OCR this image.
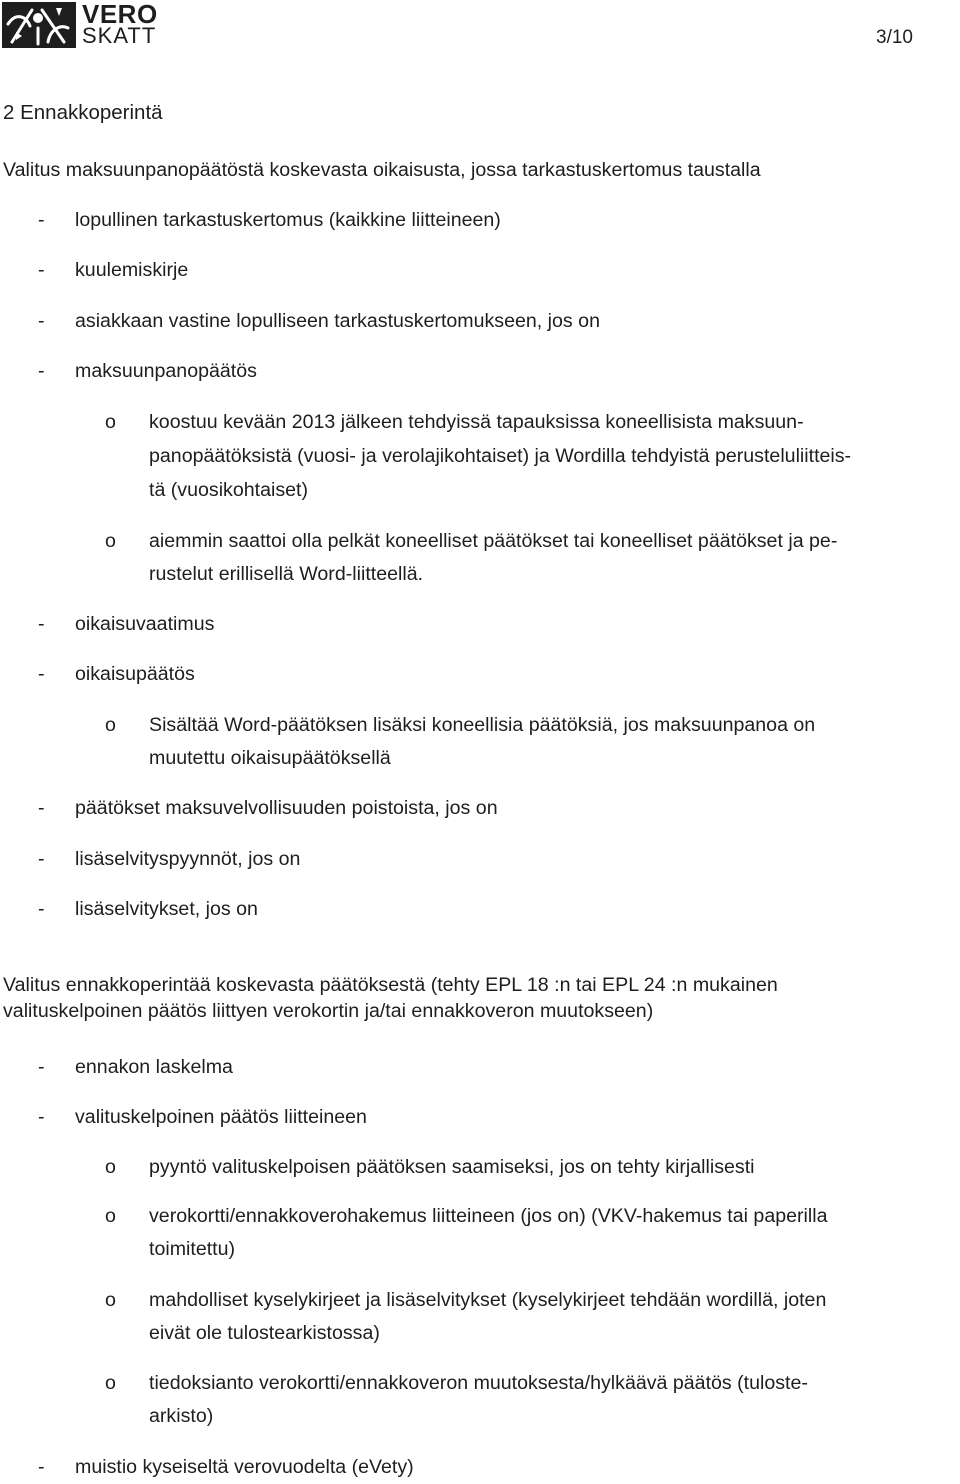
VERO
SKATT	3/10
2 Ennakkoperintä
Valitus maksuunpanopäätöstä koskevasta oikaisusta, jossa tarkastuskertomus taustalla
- lopullinen tarkastuskertomus (kaikkine liitteineen)
- kuulemiskirje
- asiakkaan vastine lopulliseen tarkastuskertomukseen, jos on
- maksuunpanopäätös
o koostuu kevään 2013 jälkeen tehdyissä tapauksissa koneellisista maksuun-
panopäätöksistä (vuosi- ja verolajikohtaiset) ja Wordilla tehdyistä perusteluliitteis-
tä (vuosikohtaiset)
o aiemmin saattoi olla pelkät koneelliset päätökset tai koneelliset päätökset ja pe-
rustelut erillisellä Word-liitteellä.
- oikaisuvaatimus
- oikaisupäätös
o Sisältää Word-päätöksen lisäksi koneellisia päätöksiä, jos maksuunpanoa on
muutettu oikaisupäätöksellä
- päätökset maksuvelvollisuuden poistoista, jos on
- lisäselvityspyynnöt, jos on
- lisäselvitykset, jos on
Valitus ennakkoperintää koskevasta päätöksestä (tehty EPL 18 :n tai EPL 24 :n mukainen
valituskelpoinen päätös liittyen verokortin ja/tai ennakkoveron muutokseen)
- ennakon laskelma
- valituskelpoinen päätös liitteineen
o pyyntö valituskelpoisen päätöksen saamiseksi, jos on tehty kirjallisesti
o verokortti/ennakkoverohakemus liitteineen (jos on) (VKV-hakemus tai paperilla
toimitettu)
o mahdolliset kyselykirjeet ja lisäselvitykset (kyselykirjeet tehdään wordillä, joten
eivät ole tulostearkistossa)
o tiedoksianto verokortti/ennakkoveron muutoksesta/hylkäävä päätös (tuloste-
arkisto)
- muistio kyseiseltä verovuodelta (eVety)
